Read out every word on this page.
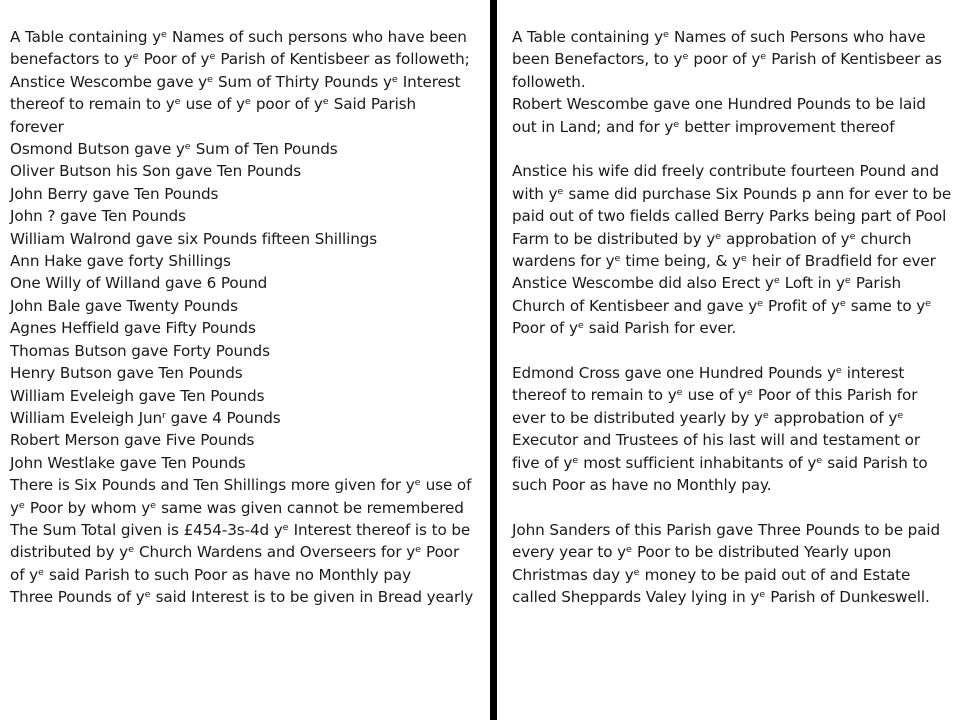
A Table containing yᵉ Names of such persons who have been benefactors to yᵉ Poor of yᵉ Parish of Kentisbeer as followeth;

Anstice Wescombe gave yᵉ Sum of Thirty Pounds yᵉ Interest thereof to remain to yᵉ use of yᵉ poor of yᵉ Said Parish forever

Osmond Butson gave yᵉ Sum of Ten Pounds

Oliver Butson his Son gave Ten Pounds

John Berry gave Ten Pounds

John ? gave Ten Pounds

William Walrond gave six Pounds fifteen Shillings

Ann Hake gave forty Shillings

One Willy of Willand gave 6 Pound

John Bale gave Twenty Pounds

Agnes Heffield gave Fifty Pounds

Thomas Butson gave Forty Pounds

Henry Butson gave Ten Pounds

William Eveleigh gave Ten Pounds

William Eveleigh Junʳ gave 4 Pounds

Robert Merson gave Five Pounds

John Westlake gave Ten Pounds

There is Six Pounds and Ten Shillings more given for yᵉ use of yᵉ Poor by whom yᵉ same was given cannot be remembered

The Sum Total given is £454-3s-4d yᵉ Interest thereof is to be distributed by yᵉ Church Wardens and Overseers for yᵉ Poor of yᵉ said Parish to such Poor as have no Monthly pay

Three Pounds of yᵉ said Interest is to be given in Bread yearly

A Table containing yᵉ Names of such Persons who have been Benefactors, to yᵉ poor of yᵉ Parish of Kentisbeer as followeth.

Robert Wescombe gave one Hundred Pounds to be laid out in Land; and for yᵉ better improvement thereof

Anstice his wife did freely contribute fourteen Pound and with yᵉ same did purchase Six Pounds p ann for ever to be paid out of two fields called Berry Parks being part of Pool Farm to be distributed by yᵉ approbation of yᵉ church wardens for yᵉ time being, & yᵉ heir of Bradfield for ever

Anstice Wescombe did also Erect yᵉ Loft in yᵉ Parish Church of Kentisbeer and gave yᵉ Profit of yᵉ same to yᵉ Poor of yᵉ said Parish for ever.

Edmond Cross gave one Hundred Pounds yᵉ interest thereof to remain to yᵉ use of yᵉ Poor of this Parish for ever to be distributed yearly by yᵉ approbation of yᵉ Executor and Trustees of his last will and testament or five of yᵉ most sufficient inhabitants of yᵉ said Parish to such Poor as have no Monthly pay.

John Sanders of this Parish gave Three Pounds to be paid every year to yᵉ Poor to be distributed Yearly upon Christmas day yᵉ money to be paid out of and Estate called Sheppards Valey lying in yᵉ Parish of Dunkeswell.
